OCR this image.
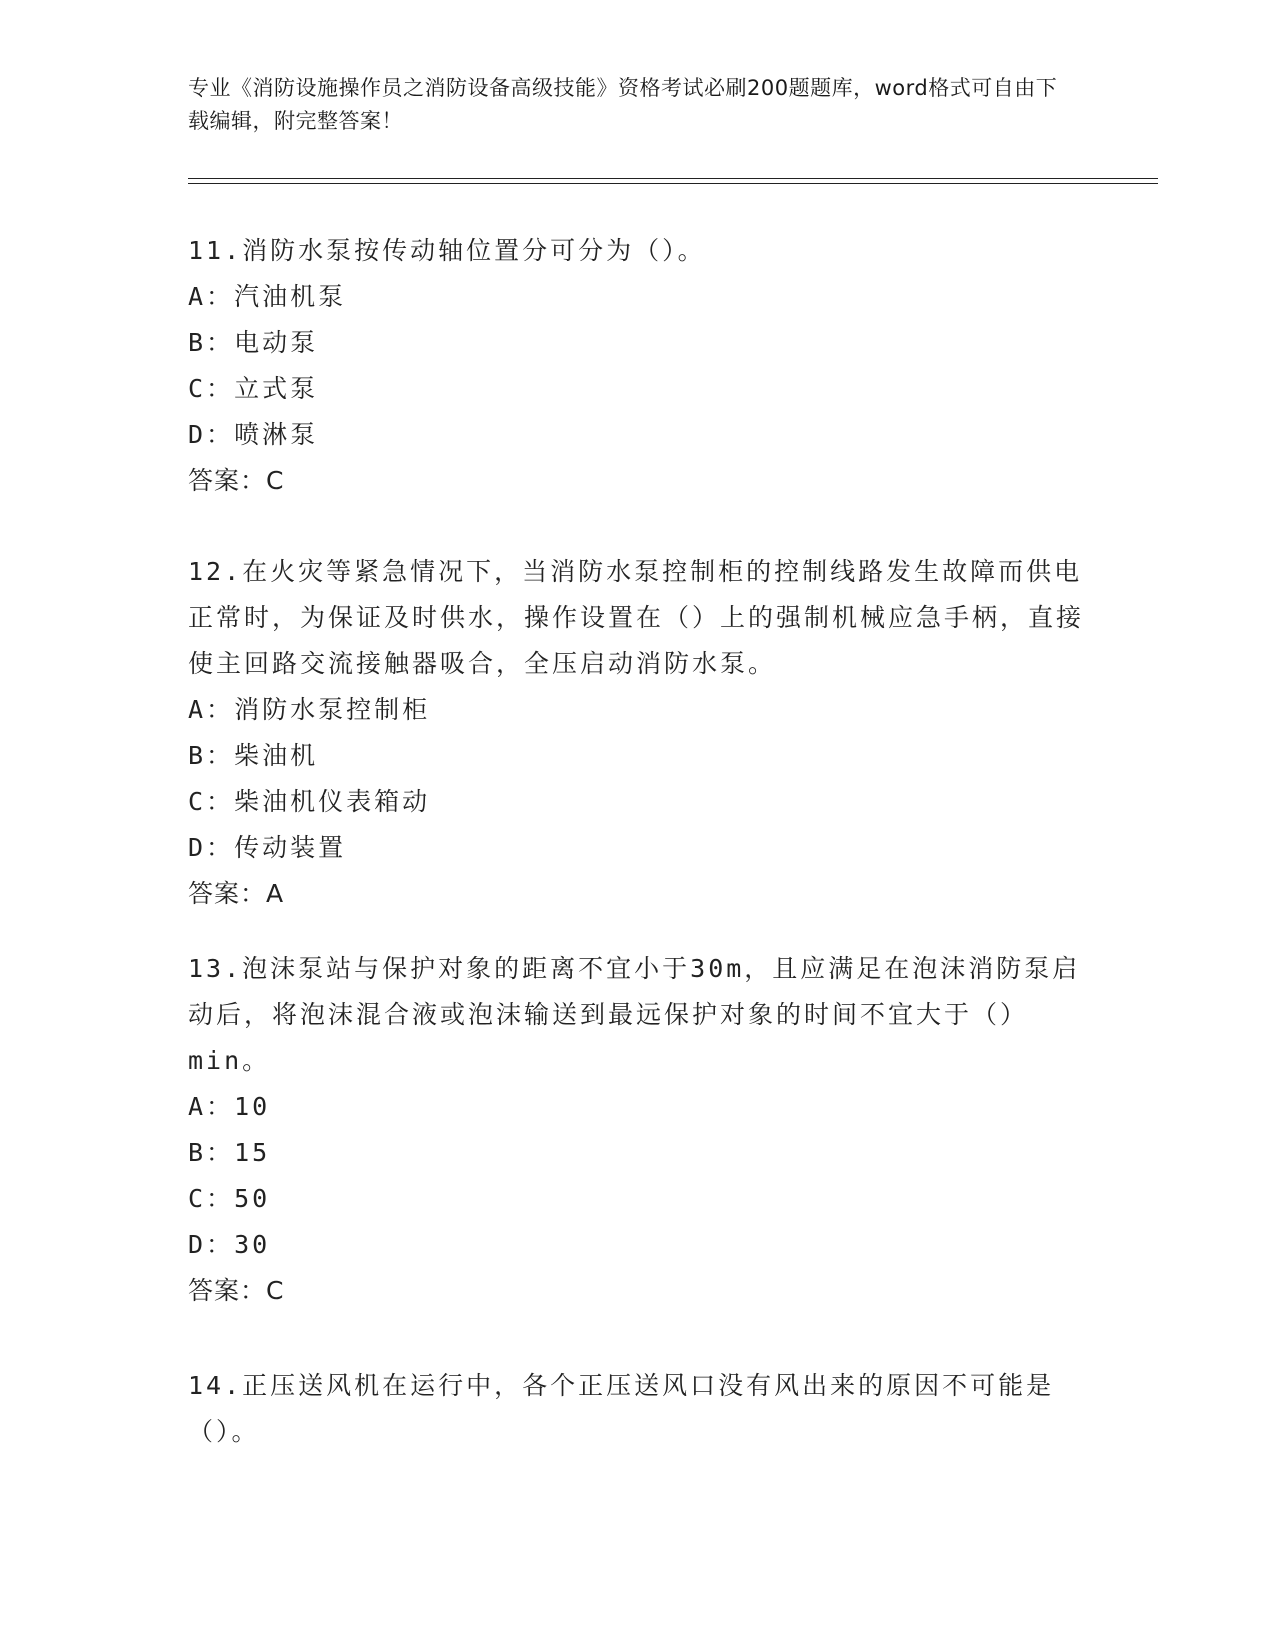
专业《消防设施操作员之消防设备高级技能》资格考试必刷200题题库，word格式可自由下载编辑，附完整答案！

11.消防水泵按传动轴位置分可分为（）。

A： 汽油机泵

B： 电动泵

C： 立式泵

D： 喷淋泵

答案：C

12.在火灾等紧急情况下，当消防水泵控制柜的控制线路发生故障而供电正常时，为保证及时供水，操作设置在（）上的强制机械应急手柄，直接使主回路交流接触器吸合，全压启动消防水泵。

A： 消防水泵控制柜

B： 柴油机

C： 柴油机仪表箱动

D： 传动装置

答案：A

13.泡沫泵站与保护对象的距离不宜小于30m，且应满足在泡沫消防泵启动后，将泡沫混合液或泡沫输送到最远保护对象的时间不宜大于（）min。

A： 10

B： 15

C： 50

D： 30

答案：C

14.正压送风机在运行中，各个正压送风口没有风出来的原因不可能是（）。
